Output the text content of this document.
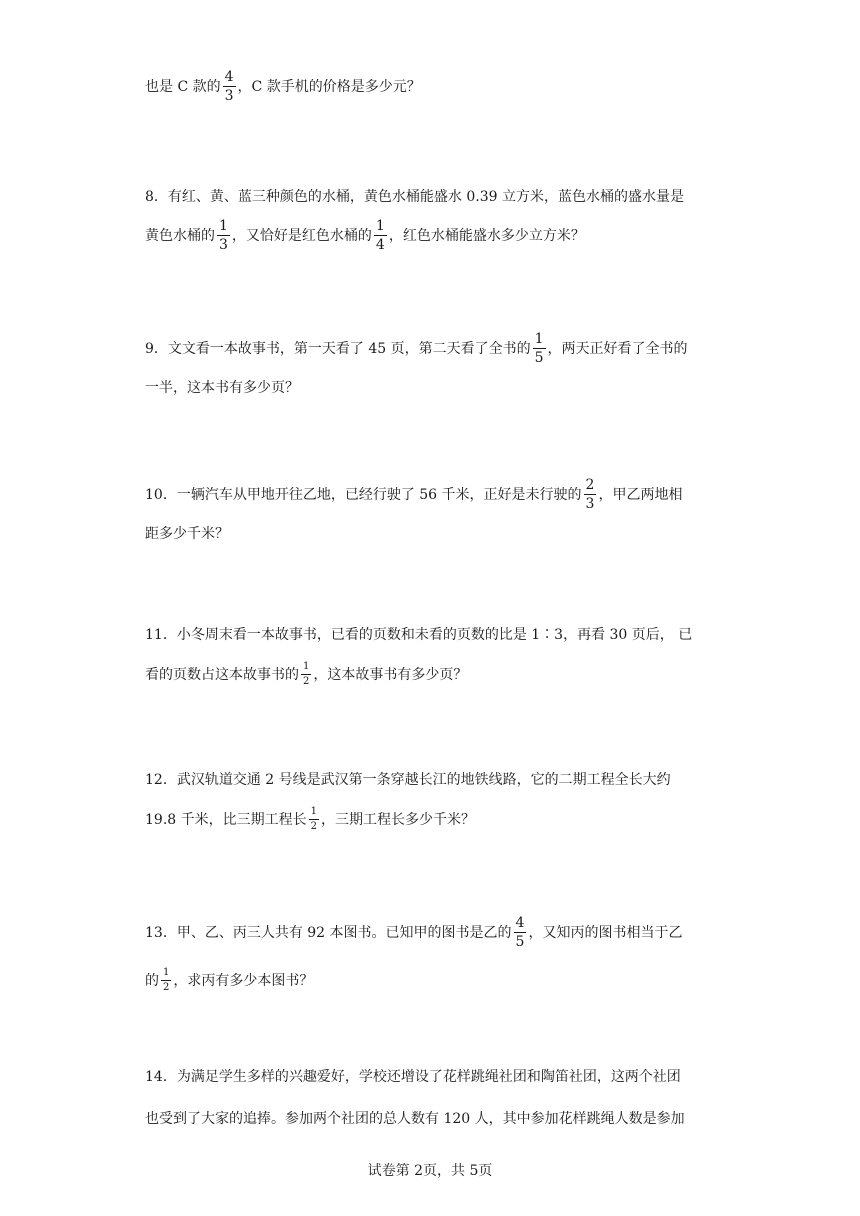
也是 C 款的 $\frac{4}{3}$ ，C 款手机的价格是多少元？
8．有红、黄、蓝三种颜色的水桶，黄色水桶能盛水 0.39 立方米，蓝色水桶的盛水量是
黄色水桶的 $\frac{1}{3}$ ，又恰好是红色水桶的 $\frac{1}{4}$ ，红色水桶能盛水多少立方米？
9．文文看一本故事书，第一天看了 45 页，第二天看了全书的 $\frac{1}{5}$ ，两天正好看了全书的
一半，这本书有多少页？
10．一辆汽车从甲地开往乙地，已经行驶了 56 千米，正好是未行驶的 $\frac{2}{3}$ ，甲乙两地相
距多少千米？
11．小冬周末看一本故事书，已看的页数和未看的页数的比是 1∶3，再看 30 页后， 已
看的页数占这本故事书的 $\frac{1}{2}$ ，这本故事书有多少页？
12．武汉轨道交通 2 号线是武汉第一条穿越长江的地铁线路，它的二期工程全长大约
19.8 千米，比三期工程长 $\frac{1}{2}$ ，三期工程长多少千米？
13．甲、乙、丙三人共有 92 本图书。已知甲的图书是乙的 $\frac{4}{5}$ ，又知丙的图书相当于乙
的 $\frac{1}{2}$ ，求丙有多少本图书？
14．为满足学生多样的兴趣爱好，学校还增设了花样跳绳社团和陶笛社团，这两个社团
也受到了大家的追捧。参加两个社团的总人数有 120 人，其中参加花样跳绳人数是参加
试卷第 2页，共 5页
